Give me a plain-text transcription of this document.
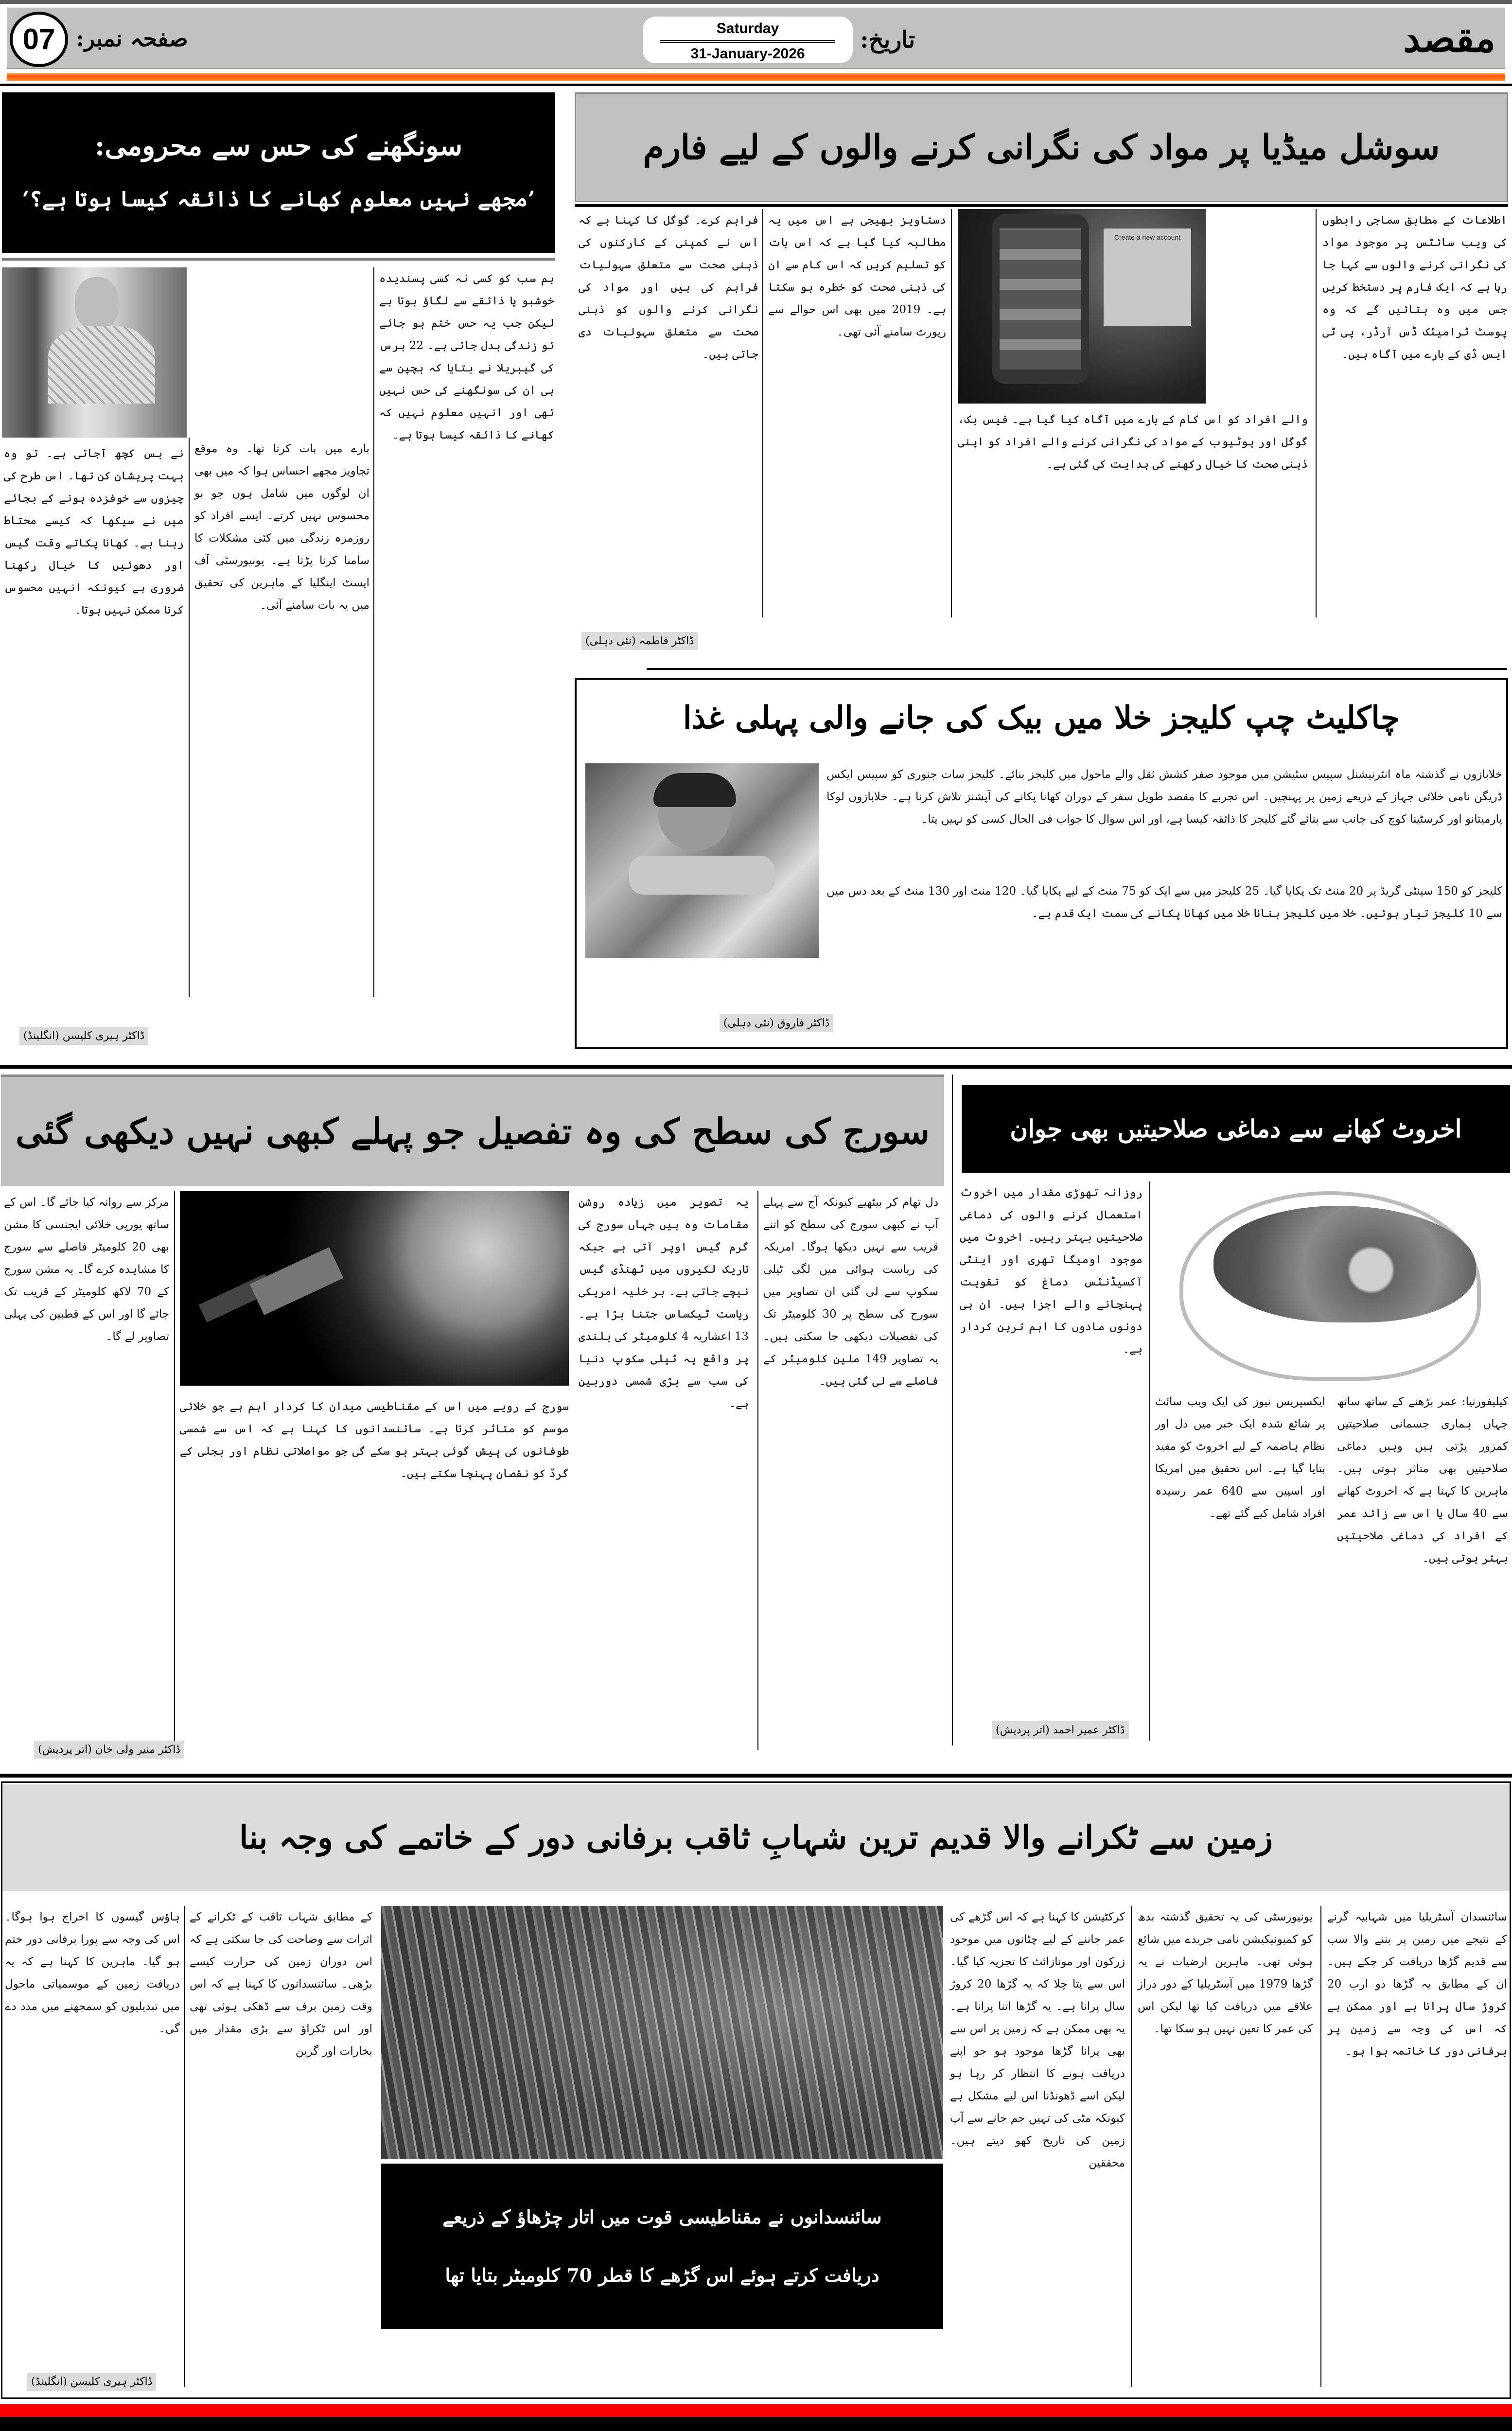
مقصد
تاریخ:
Saturday
31-January-2026
صفحہ نمبر:
07
سوشل میڈیا پر مواد کی نگرانی کرنے والوں کے لیے فارم
Create a new account
اطلاعات کے مطابق سماجی رابطوں کی ویب سائٹس پر موجود مواد کی نگرانی کرنے والوں سے کہا جا رہا ہے کہ ایک فارم پر دستخط کریں جس میں وہ بتائیں گے کہ وہ پوسٹ ٹرامیٹک ڈس آرڈر، پی ٹی ایس ڈی کے بارے میں آگاہ ہیں۔
والے افراد کو اس کام کے بارے میں آگاہ کیا گیا ہے۔ فیس بک، گوگل اور یوٹیوب کے مواد کی نگرانی کرنے والے افراد کو اپنی ذہنی صحت کا خیال رکھنے کی ہدایت کی گئی ہے۔
دستاویز بھیجی ہے اس میں یہ مطالبہ کیا گیا ہے کہ اس بات کو تسلیم کریں کہ اس کام سے ان کی ذہنی صحت کو خطرہ ہو سکتا ہے۔ 2019 میں بھی اس حوالے سے رپورٹ سامنے آئی تھی۔
فراہم کرے۔ گوگل کا کہنا ہے کہ اس نے کمپنی کے کارکنوں کی ذہنی صحت سے متعلق سہولیات فراہم کی ہیں اور مواد کی نگرانی کرنے والوں کو ذہنی صحت سے متعلق سہولیات دی جاتی ہیں۔
ڈاکٹر فاطمہ (نئی دہلی)
چاکلیٹ چپ کلیجز خلا میں بیک کی جانے والی پہلی غذا
خلابازوں نے گذشتہ ماہ انٹرنیشنل سپیس سٹیشن میں موجود صفر کشش ثقل والے ماحول میں کلیجز بنائے۔ کلیجز سات جنوری کو سپیس ایکس ڈریگن نامی خلائی جہاز کے ذریعے زمین پر پہنچیں۔ اس تجربے کا مقصد طویل سفر کے دوران کھانا پکانے کی آپشنز تلاش کرنا ہے۔ خلابازوں لوکا پارمیتانو اور کرسٹینا کوچ کی جانب سے بنائے گئے کلیجز کا ذائقہ کیسا ہے، اور اس سوال کا جواب فی الحال کسی کو نہیں پتا۔
کلیجز کو 150 سینٹی گریڈ پر 20 منٹ تک پکایا گیا۔ 25 کلیجز میں سے ایک کو 75 منٹ کے لیے پکایا گیا۔ 120 منٹ اور 130 منٹ کے بعد دس میں سے 10 کلیجز تیار ہوئیں۔ خلا میں کلیجز بنانا خلا میں کھانا پکانے کی سمت ایک قدم ہے۔
ڈاکٹر فاروق (نئی دہلی)
سونگھنے کی حس سے محرومی:
’مجھے نہیں معلوم کھانے کا ذائقہ کیسا ہوتا ہے؟‘
ہم سب کو کسی نہ کسی پسندیدہ خوشبو یا ذائقے سے لگاؤ ہوتا ہے لیکن جب یہ حس ختم ہو جائے تو زندگی بدل جاتی ہے۔ 22 برس کی گیبریلا نے بتایا کہ بچپن سے ہی ان کی سونگھنے کی حس نہیں تھی اور انہیں معلوم نہیں کہ کھانے کا ذائقہ کیسا ہوتا ہے۔
بارے میں بات کرتا تھا۔ وہ موقع تجاویز مجھے احساس ہوا کہ میں بھی ان لوگوں میں شامل ہوں جو بو محسوس نہیں کرتے۔ ایسے افراد کو روزمرہ زندگی میں کئی مشکلات کا سامنا کرنا پڑتا ہے۔ یونیورسٹی آف ایسٹ اینگلیا کے ماہرین کی تحقیق میں یہ بات سامنے آئی۔
نے بس کچھ آجاتی ہے۔ تو وہ بہت پریشان کن تھا۔ اس طرح کی چیزوں سے خوفزدہ ہونے کے بجائے میں نے سیکھا کہ کیسے محتاط رہنا ہے۔ کھانا پکاتے وقت گیس اور دھوئیں کا خیال رکھنا ضروری ہے کیونکہ انہیں محسوس کرنا ممکن نہیں ہوتا۔
ڈاکٹر ہیری کلیسن (انگلینڈ)
سورج کی سطح کی وہ تفصیل جو پہلے کبھی نہیں دیکھی گئی
دل تھام کر بیٹھیے کیونکہ آج سے پہلے آپ نے کبھی سورج کی سطح کو اتنے قریب سے نہیں دیکھا ہوگا۔ امریکہ کی ریاست ہوائی میں لگی ٹیلی سکوپ سے لی گئی ان تصاویر میں سورج کی سطح پر 30 کلومیٹر تک کی تفصیلات دیکھی جا سکتی ہیں۔ یہ تصاویر 149 ملین کلومیٹر کے فاصلے سے لی گئی ہیں۔
یہ تصویر میں زیادہ روشن مقامات وہ ہیں جہاں سورج کی گرم گیس اوپر آتی ہے جبکہ تاریک لکیروں میں ٹھنڈی گیس نیچے جاتی ہے۔ ہر خلیہ امریکی ریاست ٹیکساس جتنا بڑا ہے۔ 13 اعشاریہ 4 کلومیٹر کی بلندی پر واقع یہ ٹیلی سکوپ دنیا کی سب سے بڑی شمسی دوربین ہے۔
سورج کے رویے میں اس کے مقناطیسی میدان کا کردار اہم ہے جو خلائی موسم کو متاثر کرتا ہے۔ سائنسدانوں کا کہنا ہے کہ اس سے شمسی طوفانوں کی پیش گوئی بہتر ہو سکے گی جو مواصلاتی نظام اور بجلی کے گرڈ کو نقصان پہنچا سکتے ہیں۔
مرکز سے روانہ کیا جائے گا۔ اس کے ساتھ یورپی خلائی ایجنسی کا مشن بھی 20 کلومیٹر فاصلے سے سورج کا مشاہدہ کرے گا۔ یہ مشن سورج کے 70 لاکھ کلومیٹر کے قریب تک جائے گا اور اس کے قطبین کی پہلی تصاویر لے گا۔
ڈاکٹر منیر ولی خان (اتر پردیش)
اخروٹ کھانے سے دماغی صلاحیتیں بھی جوان
کیلیفورنیا: عمر بڑھنے کے ساتھ ساتھ جہاں ہماری جسمانی صلاحیتیں کمزور پڑتی ہیں وہیں دماغی صلاحیتیں بھی متاثر ہوتی ہیں۔ ماہرین کا کہنا ہے کہ اخروٹ کھانے سے 40 سال یا اس سے زائد عمر کے افراد کی دماغی صلاحیتیں بہتر ہوتی ہیں۔
ایکسپریس نیوز کی ایک ویب سائٹ پر شائع شدہ ایک خبر میں دل اور نظام ہاضمہ کے لیے اخروٹ کو مفید بتایا گیا ہے۔ اس تحقیق میں امریکا اور اسپین سے 640 عمر رسیدہ افراد شامل کیے گئے تھے۔
روزانہ تھوڑی مقدار میں اخروٹ استعمال کرنے والوں کی دماغی صلاحیتیں بہتر رہیں۔ اخروٹ میں موجود اومیگا تھری اور اینٹی آکسیڈنٹس دماغ کو تقویت پہنچانے والے اجزا ہیں۔ ان ہی دونوں مادوں کا اہم ترین کردار ہے۔
ڈاکٹر عمیر احمد (اتر پردیش)
زمین سے ٹکرانے والا قدیم ترین شہابِ ثاقب برفانی دور کے خاتمے کی وجہ بنا
سائنسدانوں نے مقناطیسی قوت میں اتار چڑھاؤ کے ذریعے
دریافت کرتے ہوئے اس گڑھے کا قطر 70 کلومیٹر بتایا تھا
سائنسدان آسٹریلیا میں شہابیہ گرنے کے نتیجے میں زمین پر بننے والا سب سے قدیم گڑھا دریافت کر چکے ہیں۔ ان کے مطابق یہ گڑھا دو ارب 20 کروڑ سال پرانا ہے اور ممکن ہے کہ اس کی وجہ سے زمین پر برفانی دور کا خاتمہ ہوا ہو۔
یونیورسٹی کی یہ تحقیق گذشتہ بدھ کو کمیونیکیشن نامی جریدے میں شائع ہوئی تھی۔ ماہرین ارضیات نے یہ گڑھا 1979 میں آسٹریلیا کے دور دراز علاقے میں دریافت کیا تھا لیکن اس کی عمر کا تعین نہیں ہو سکا تھا۔
کرکٹیشن کا کہنا ہے کہ اس گڑھے کی عمر جاننے کے لیے چٹانوں میں موجود زرکون اور مونازائٹ کا تجزیہ کیا گیا۔ اس سے پتا چلا کہ یہ گڑھا 20 کروڑ سال پرانا ہے۔ یہ گڑھا اتنا پرانا ہے۔ یہ بھی ممکن ہے کہ زمین پر اس سے بھی پرانا گڑھا موجود ہو جو اپنے دریافت ہونے کا انتظار کر رہا ہو لیکن اسے ڈھونڈنا اس لیے مشکل ہے کیونکہ مٹی کی تہیں جم جانے سے آپ زمین کی تاریخ کھو دیتے ہیں۔ محققین
کے مطابق شہاب ثاقب کے ٹکرانے کے اثرات سے وضاحت کی جا سکتی ہے کہ اس دوران زمین کی حرارت کیسے بڑھی۔ سائنسدانوں کا کہنا ہے کہ اس وقت زمین برف سے ڈھکی ہوئی تھی اور اس ٹکراؤ سے بڑی مقدار میں بخارات اور گرین
ہاؤس گیسوں کا اخراج ہوا ہوگا۔ اس کی وجہ سے پورا برفانی دور ختم ہو گیا۔ ماہرین کا کہنا ہے کہ یہ دریافت زمین کے موسمیاتی ماحول میں تبدیلیوں کو سمجھنے میں مدد دے گی۔
ڈاکٹر ہیری کلیسن (انگلینڈ)
